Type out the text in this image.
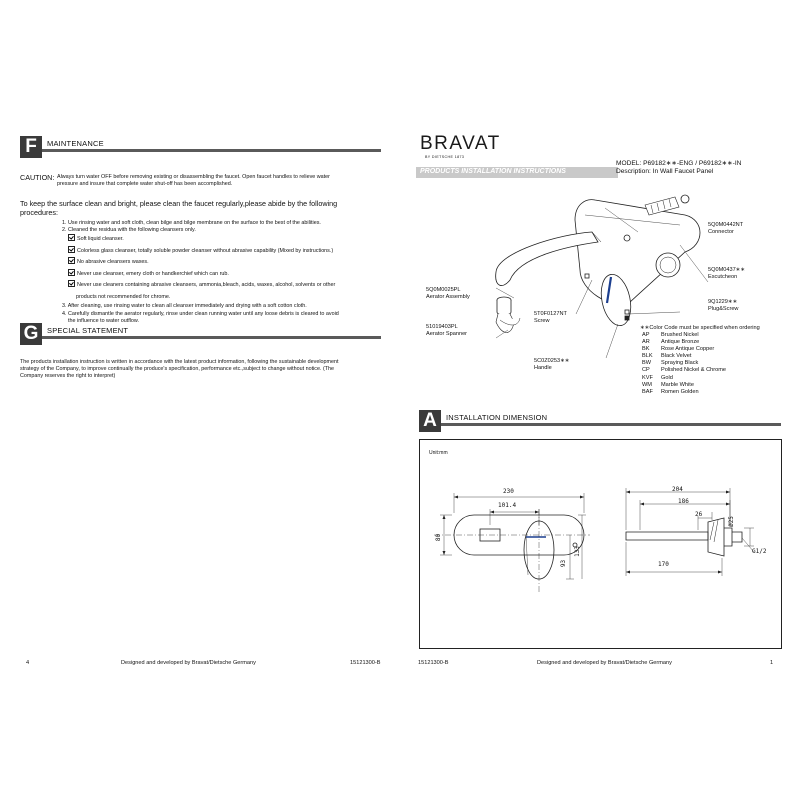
F	MAINTENANCE
CAUTION: Always turn water OFF before removing existing or disassembling the faucet. Open faucet handles to relieve water
pressure and insure that complete water shut-off has been accomplished.
To keep the surface clean and bright, please clean the faucet regularly,please abide by the following
procedures:
1. Use rinsing water and soft cloth, clean bilge and bilge membrane on the surface to the best of the abilities.
2. Cleaned the residua with the following cleansers only.
Soft liquid cleanser.
Colorless glass cleanser, totally soluble powder cleanser without abrasive capability (Mixed by instructions.)
No abrasive cleansers waxes.
Never use cleanser, emery cloth or handkerchief which can rub.
Never use cleaners containing abrasive cleansers, ammonia,bleach, acids, waxes, alcohol, solvents or other
products not recommended for chrome.
3. After cleaning, use rinsing water to clean all cleanser immediately and drying with a soft cotton cloth.
4. Carefully dismantle the aerator regularly, rinse under clean running water until any loose debris is cleared to avoid
the influence to water outflow.
G	SPECIAL STATEMENT
The products installation instruction is written in accordance with the latest product information, following the sustainable development
strategy of the Company, to improve continually the produce's specification, performance etc.,subject to change without notice. (The
Company reserves the right to interpret)
4	Designed and developed by Bravat/Dietsche Germany	15121300-B
BRAVAT
BY DIETSCHE 1873
PRODUCTS INSTALLATION INSTRUCTIONS
MODEL: P69182∗∗-ENG / P69182∗∗-IN
Description: In Wall Faucet Panel
5Q0M0442NT
Connector
5Q0M0437∗∗
Escutcheon
5Q0M0025PL
Aerator Assembly
5T0F0127NT
Screw
9Q1229∗∗
Plug&Screw
51019403PL
Aerator Spanner
5C0Z0253∗∗
Handle
∗∗Color Code must be specified when ordering
AP Brushed Nickel
AR Antique Bronze
BK Rose Antique Copper
BLK Black Velvet
BW Spraying Black
CP Polished Nickel & Chrome
KVF Gold
WM Marble White
BAF Romen Golden
A	INSTALLATION DIMENSION
Unit:mm
230
101.4
80
93
133
204
186
26
Ø25
170
G1/2
15121300-B	Designed and developed by Bravat/Dietsche Germany	1
